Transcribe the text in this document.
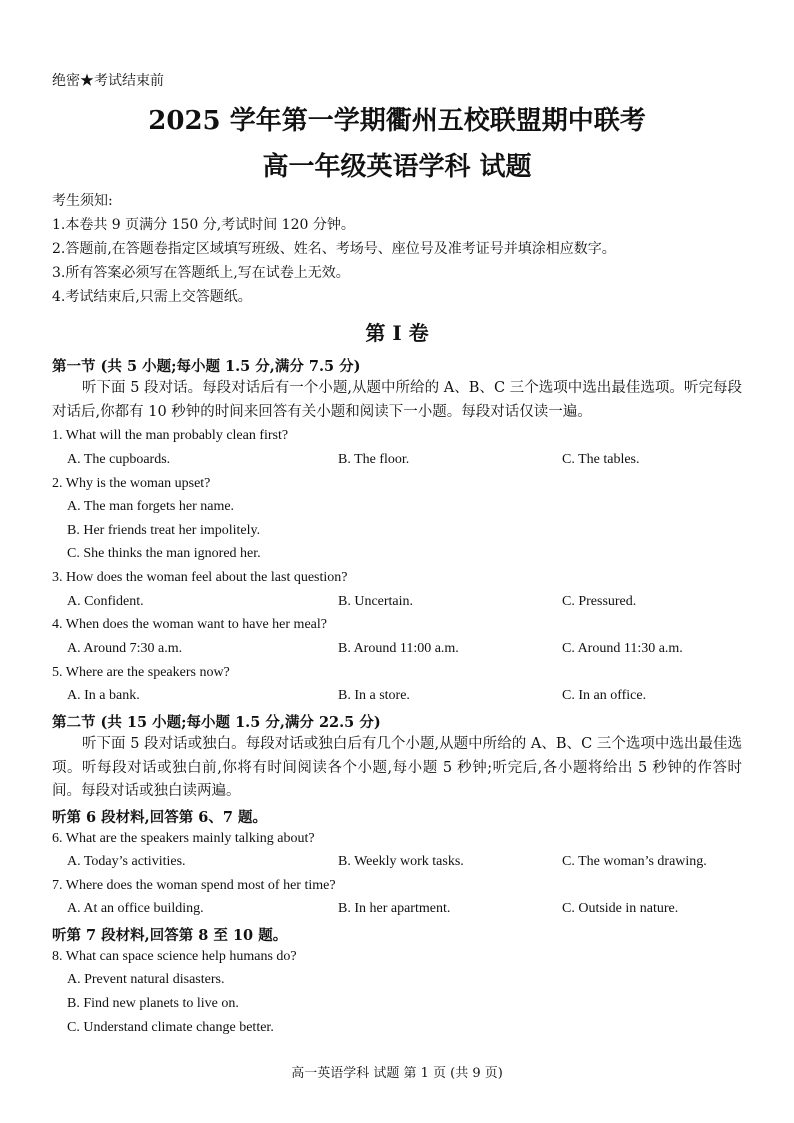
绝密★考试结束前
2025 学年第一学期衢州五校联盟期中联考
高一年级英语学科 试题
考生须知:
1.本卷共 9 页满分 150 分,考试时间 120 分钟。
2.答题前,在答题卷指定区域填写班级、姓名、考场号、座位号及准考证号并填涂相应数字。
3.所有答案必须写在答题纸上,写在试卷上无效。
4.考试结束后,只需上交答题纸。
第 I 卷
第一节 (共 5 小题;每小题 1.5 分,满分 7.5 分)
听下面 5 段对话。每段对话后有一个小题,从题中所给的 A、B、C 三个选项中选出最佳选项。听完每段对话后,你都有 10 秒钟的时间来回答有关小题和阅读下一小题。每段对话仅读一遍。
1. What will the man probably clean first?
A. The cupboards.	B. The floor.	C. The tables.
2. Why is the woman upset?
A. The man forgets her name.
B. Her friends treat her impolitely.
C. She thinks the man ignored her.
3. How does the woman feel about the last question?
A. Confident.	B. Uncertain.	C. Pressured.
4. When does the woman want to have her meal?
A. Around 7:30 a.m.	B. Around 11:00 a.m.	C. Around 11:30 a.m.
5. Where are the speakers now?
A. In a bank.	B. In a store.	C. In an office.
第二节 (共 15 小题;每小题 1.5 分,满分 22.5 分)
听下面 5 段对话或独白。每段对话或独白后有几个小题,从题中所给的 A、B、C 三个选项中选出最佳选项。听每段对话或独白前,你将有时间阅读各个小题,每小题 5 秒钟;听完后,各小题将给出 5 秒钟的作答时间。每段对话或独白读两遍。
听第 6 段材料,回答第 6、7 题。
6. What are the speakers mainly talking about?
A. Today’s activities.	B. Weekly work tasks.	C. The woman’s drawing.
7. Where does the woman spend most of her time?
A. At an office building.	B. In her apartment.	C. Outside in nature.
听第 7 段材料,回答第 8 至 10 题。
8. What can space science help humans do?
A. Prevent natural disasters.
B. Find new planets to live on.
C. Understand climate change better.
高一英语学科 试题 第 1 页 (共 9 页)
